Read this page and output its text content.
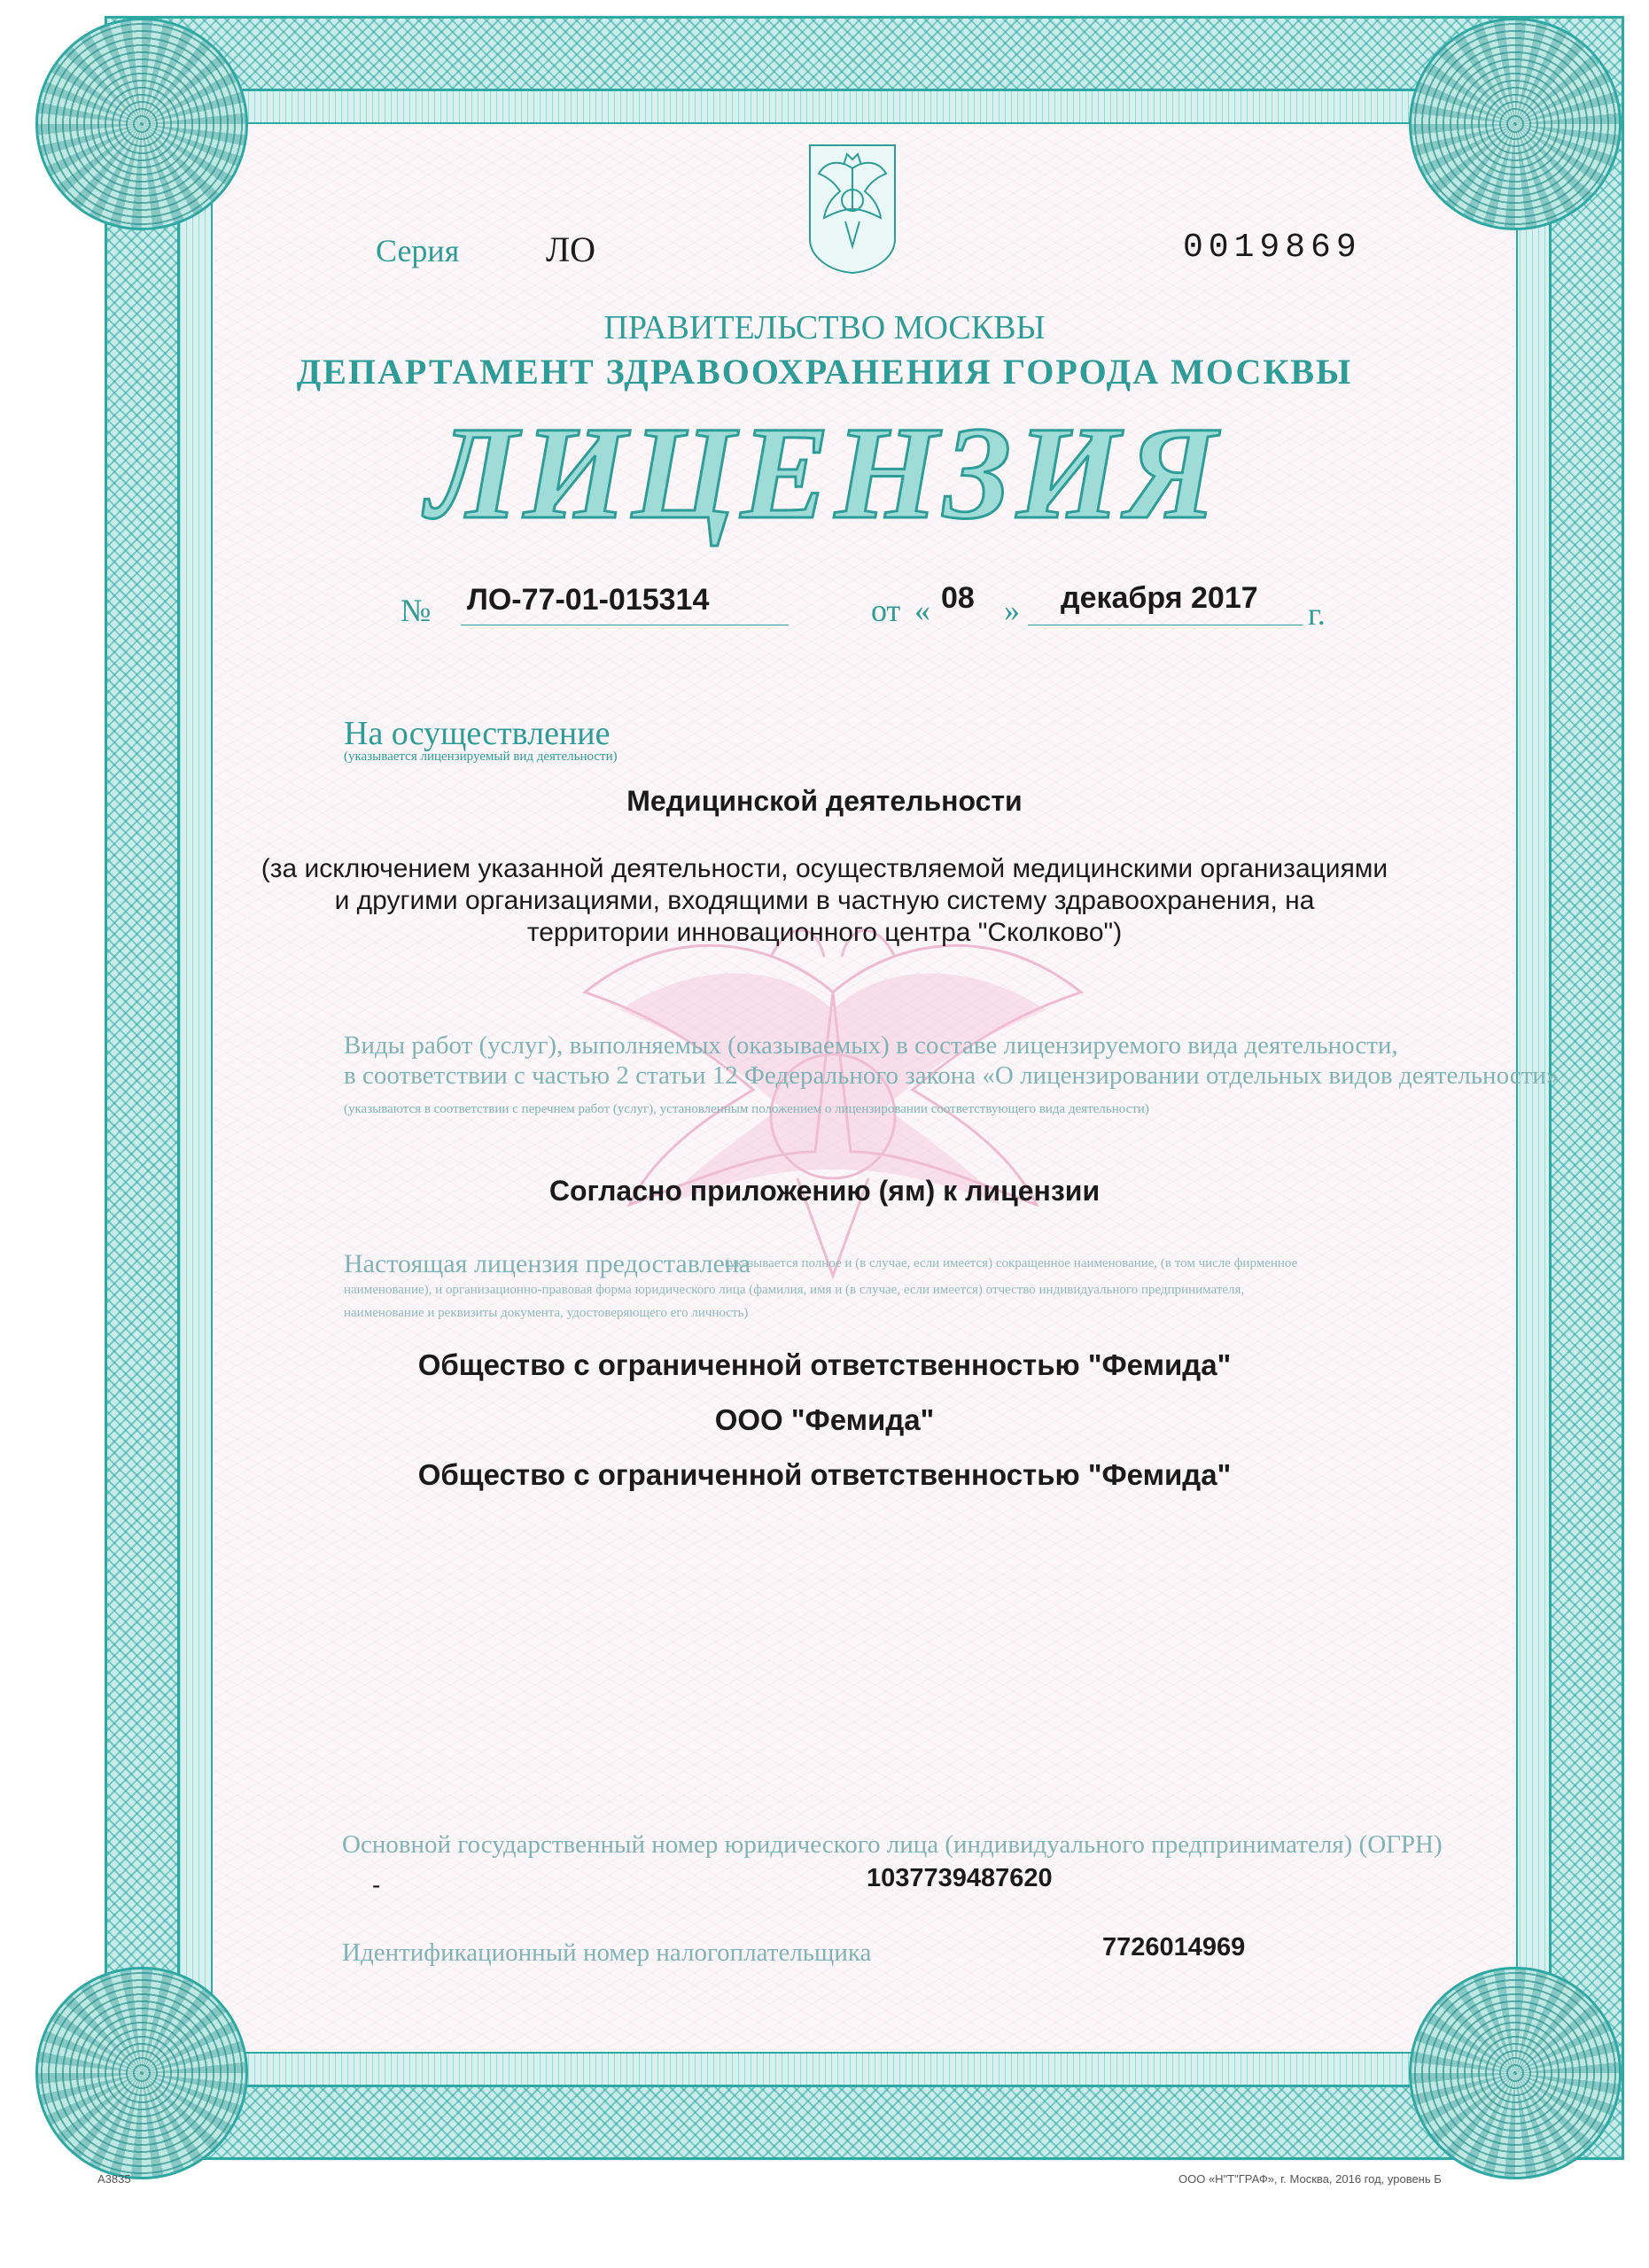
Серия ЛО	0019869
ПРАВИТЕЛЬСТВО МОСКВЫ
ДЕПАРТАМЕНТ ЗДРАВООХРАНЕНИЯ ГОРОДА МОСКВЫ
ЛИЦЕНЗИЯ
№ ЛО-77-01-015314	от « 08 » декабря 2017 г.
На осуществление
(указывается лицензируемый вид деятельности)
Медицинской деятельности
(за исключением указанной деятельности, осуществляемой медицинскими организациями
и другими организациями, входящими в частную систему здравоохранения, на
территории инновационного центра "Сколково")
Виды работ (услуг), выполняемых (оказываемых) в составе лицензируемого вида деятельности,
в соответствии с частью 2 статьи 12 Федерального закона «О лицензировании отдельных видов деятельности»
(указываются в соответствии с перечнем работ (услуг), установленным положением о лицензировании соответствующего вида деятельности)
Согласно приложению (ям) к лицензии
Настоящая лицензия предоставлена
(указывается полное и (в случае, если имеется) сокращенное наименование, (в том числе фирменное
наименование), и организационно-правовая форма юридического лица (фамилия, имя и (в случае, если имеется) отчество индивидуального предпринимателя,
наименование и реквизиты документа, удостоверяющего его личность)
Общество с ограниченной ответственностью "Фемида"
ООО "Фемида"
Общество с ограниченной ответственностью "Фемида"
Основной государственный номер юридического лица (индивидуального предпринимателя) (ОГРН)
-	1037739487620
Идентификационный номер налогоплательщика	7726014969
А3835	ООО «Н"Т"ГРАФ», г. Москва, 2016 год, уровень Б
